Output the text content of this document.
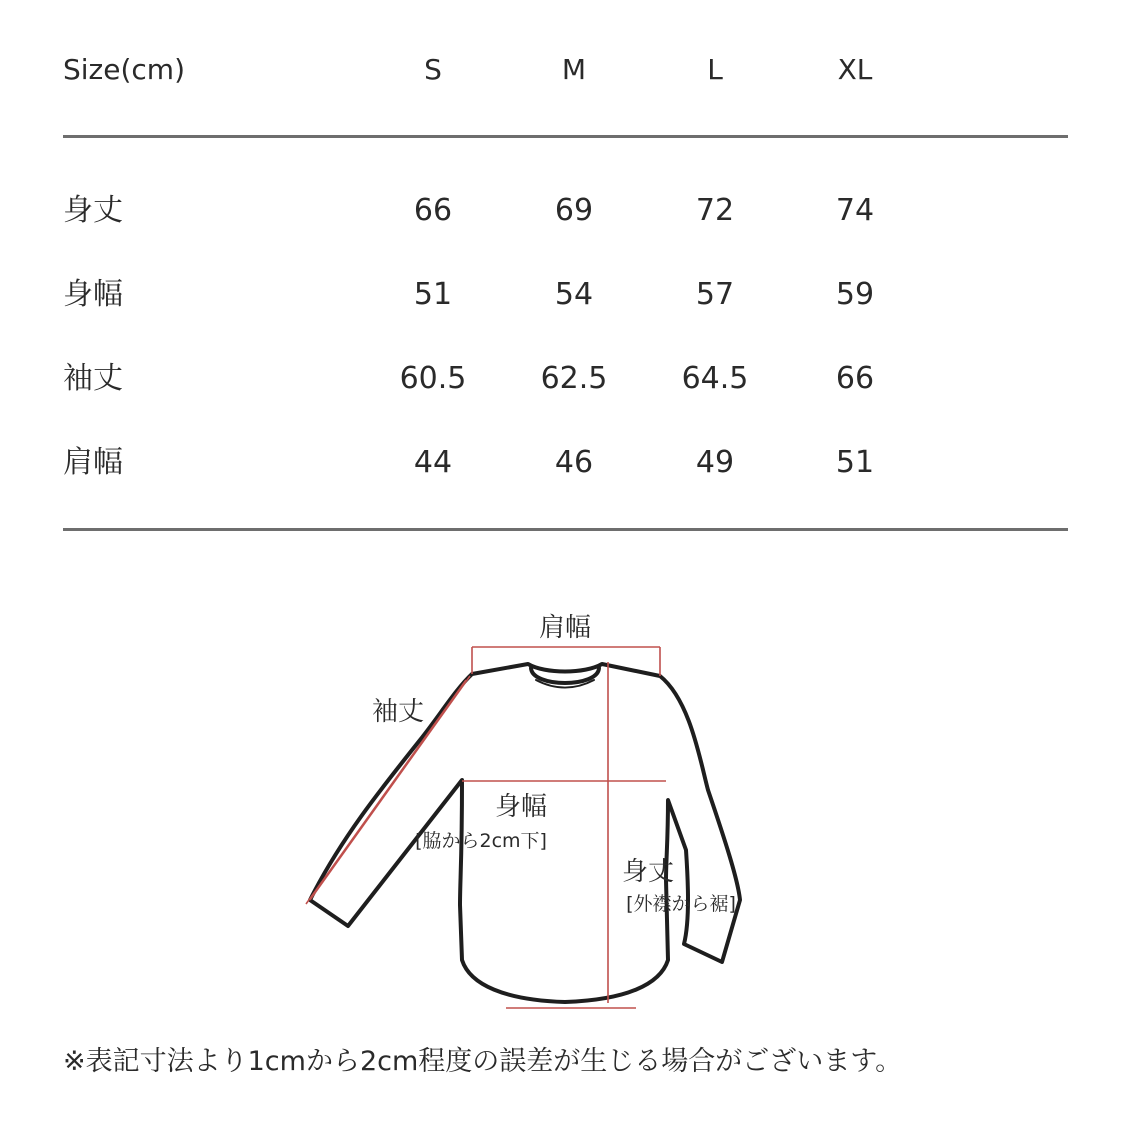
Size(cm)	S	M	L	XL
身丈	66	69	72	74
身幅	51	54	57	59
袖丈	60.5	62.5	64.5	66
肩幅	44	46	49	51
肩幅
袖丈
身幅
[脇から2cm下]
身丈
[外襟から裾]
※表記寸法より1cmから2cm程度の誤差が生じる場合がございます。
